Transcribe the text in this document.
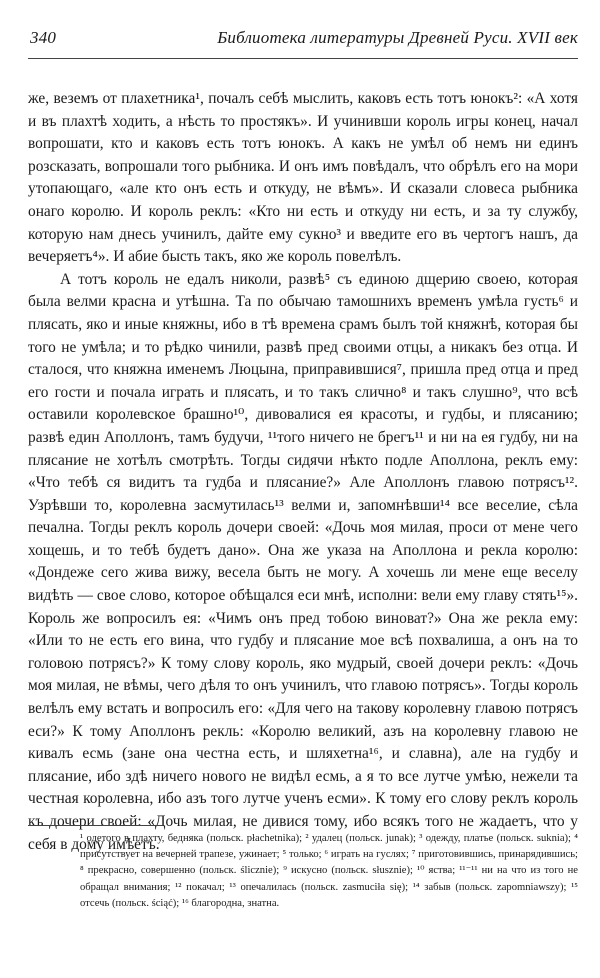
340	Библиотека литературы Древней Руси. XVII век

же, веземъ от плахетника¹, почалъ себѣ мыслить, каковъ есть тотъ юнокъ²: «А хотя и въ плахтѣ ходить, а нѣсть то простякъ». И учинивши король игры конец, начал вопрошати, кто и каковъ есть тотъ юнокъ. А какъ не умѣл об немъ ни единъ розсказать, вопрошали того рыбника. И онъ имъ повѣдалъ, что обрѣлъ его на мори утопающаго, «але кто онъ есть и откуду, не вѣмъ». И сказали словеса рыбника онаго королю. И король реклъ: «Кто ни есть и откуду ни есть, и за ту службу, которую нам днесь учинилъ, дайте ему сукно³ и введите его въ чертогъ нашъ, да вечеряетъ⁴». И абие бысть такъ, яко же король повелѣлъ.

А тотъ король не едалъ николи, развѣ⁵ съ единою дщерию своею, которая была велми красна и утѣшна. Та по обычаю тамошнихъ временъ умѣла густь⁶ и плясать, яко и иные княжны, ибо в тѣ времена срамъ былъ той княжнѣ, которая бы того не умѣла; и то рѣдко чинили, развѣ пред своими отцы, а никакъ без отца. И сталося, что княжна именемъ Люцына, приправившися⁷, пришла пред отца и пред его гости и почала играть и плясать, и то такъ слично⁸ и такъ слушно⁹, что всѣ оставили королевское брашно¹⁰, дивовалися ея красоты, и гудбы, и плясанию; развѣ един Аполлонъ, тамъ будучи, ¹¹того ничего не брегъ¹¹ и ни на ея гудбу, ни на плясание не хотѣлъ смотрѣть. Тогды сидячи нѣкто подле Аполлона, реклъ ему: «Что тебѣ ся видитъ та гудба и плясание?» Але Аполлонъ главою потрясъ¹². Узрѣвши то, королевна засмутилась¹³ велми и, запомнѣвши¹⁴ все веселие, сѣла печална. Тогды реклъ король дочери своей: «Дочь моя милая, проси от мене чего хощешь, и то тебѣ будетъ дано». Она же указа на Аполлона и рекла королю: «Дондеже сего жива вижу, весела быть не могу. А хочешь ли мене еще веселу видѣть — свое слово, которое обѣщался еси мнѣ, исполни: вели ему главу стять¹⁵». Король же вопросилъ ея: «Чимъ онъ пред тобою виноват?» Она же рекла ему: «Или то не есть его вина, что гудбу и плясание мое всѣ похвалиша, а онъ на то головою потрясъ?» К тому слову король, яко мудрый, своей дочери реклъ: «Дочь моя милая, не вѣмы, чего дѣля то онъ учинилъ, что главою потрясъ». Тогды король велѣлъ ему встать и вопросилъ его: «Для чего на такову королевну главою потрясъ еси?» К тому Аполлонъ рекль: «Королю великий, азъ на королевну главою не кивалъ есмь (зане она честна есть, и шляхетна¹⁶, и славна), але на гудбу и плясание, ибо здѣ ничего нового не видѣл есмь, а я то все лутче умѣю, нежели та честная королевна, ибо азъ того лутче ученъ есми». К тому его слову реклъ король къ дочери своей: «Дочь милая, не дивися тому, ибо всякъ того не жадаетъ, что у себя в дому имѣетъ.

¹ одетого в плахту, бедняка (польск. płachetnika); ² удалец (польск. junak); ³ одежду, платье (польск. suknia); ⁴ присутствует на вечерней трапезе, ужинает; ⁵ только; ⁶ играть на гуслях; ⁷ приготовившись, принарядившись; ⁸ прекрасно, совершенно (польск. ślicznie); ⁹ искусно (польск. słusznie); ¹⁰ яства; ¹¹⁻¹¹ ни на что из того не обращал внимания; ¹² покачал; ¹³ опечалилась (польск. zasmuciła się); ¹⁴ забыв (польск. zapomniawszy); ¹⁵ отсечь (польск. ściąć); ¹⁶ благородна, знатна.
